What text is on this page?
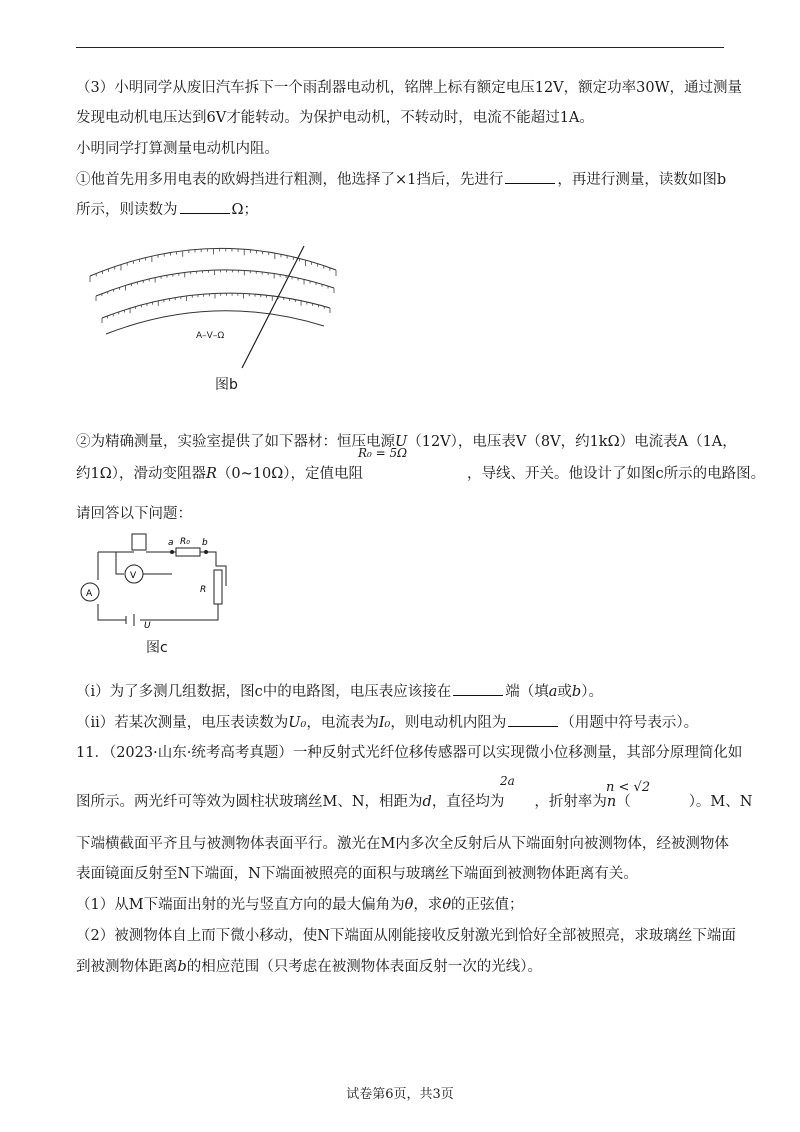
（3）小明同学从废旧汽车拆下一个雨刮器电动机，铭牌上标有额定电压12V，额定功率30W，通过测量
发现电动机电压达到6V才能转动。为保护电动机，不转动时，电流不能超过1A。
小明同学打算测量电动机内阻。
①他首先用多用电表的欧姆挡进行粗测，他选择了×1挡后，先进行	，再进行测量，读数如图b
所示，则读数为	Ω；
A–V–Ω
图b
②为精确测量，实验室提供了如下器材：恒压电源U（12V），电压表V（8V，约1kΩ）电流表A（1A，
R₀ = 5Ω
约1Ω），滑动变阻器R（0~10Ω），定值电阻	，导线、开关。他设计了如图c所示的电路图。
请回答以下问题：
a	b
R₀
V
A	R
U
图c
（ⅰ）为了多测几组数据，图c中的电路图，电压表应该接在	端（填a或b）。
（ⅱ）若某次测量，电压表读数为U₀，电流表为I₀，则电动机内阻为	（用题中符号表示）。
11．（2023·山东·统考高考真题）一种反射式光纤位移传感器可以实现微小位移测量，其部分原理简化如
2a
图所示。两光纤可等效为圆柱状玻璃丝M、N，相距为d，直径均为 ，折射率为n（	）。M、N
n < √2
下端横截面平齐且与被测物体表面平行。激光在M内多次全反射后从下端面射向被测物体，经被测物体
表面镜面反射至N下端面，N下端面被照亮的面积与玻璃丝下端面到被测物体距离有关。
（1）从M下端面出射的光与竖直方向的最大偏角为θ，求θ的正弦值；
（2）被测物体自上而下微小移动，使N下端面从刚能接收反射激光到恰好全部被照亮，求玻璃丝下端面
到被测物体距离b的相应范围（只考虑在被测物体表面反射一次的光线）。
试卷第6页，共3页
